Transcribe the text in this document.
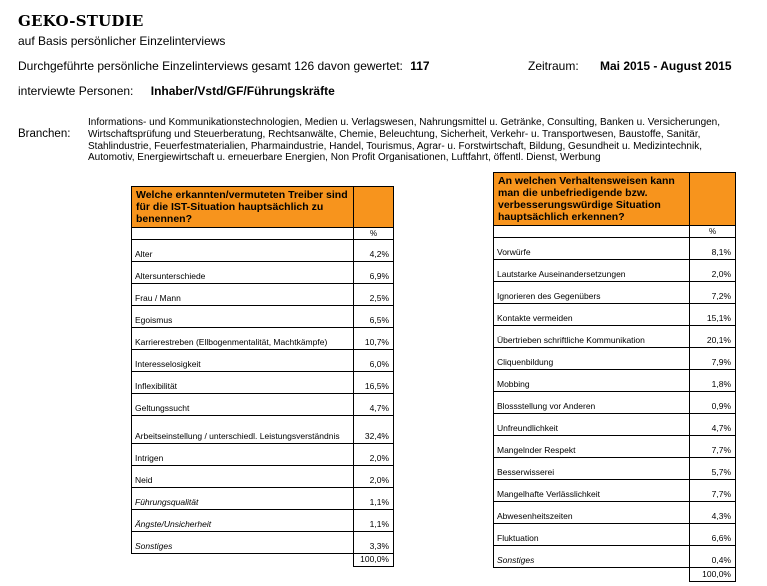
GEKO-STUDIE
auf Basis persönlicher Einzelinterviews
Durchgeführte persönliche Einzelinterviews gesamt 126 davon gewertet: 117	Zeitraum: Mai 2015 - August 2015
interviewte Personen: Inhaber/Vstd/GF/Führungskräfte
Branchen:
Informations- und Kommunikationstechnologien, Medien u. Verlagswesen, Nahrungsmittel u. Getränke, Consulting, Banken u. Versicherungen, Wirtschaftsprüfung und Steuerberatung, Rechtsanwälte, Chemie, Beleuchtung, Sicherheit, Verkehr- u. Transportwesen, Baustoffe, Sanitär, Stahlindustrie, Feuerfestmaterialien, Pharmaindustrie, Handel, Tourismus, Agrar- u. Forstwirtschaft, Bildung, Gesundheit u. Medizintechnik, Automotiv, Energiewirtschaft u. erneuerbare Energien, Non Profit Organisationen, Luftfahrt, öffentl. Dienst, Werbung
Welche erkannten/vermuteten Treiber sind für die IST-Situation hauptsächlich zu benennen?	
	%
Alter	4,2%
Altersunterschiede	6,9%
Frau / Mann	2,5%
Egoismus	6,5%
Karrierestreben (Ellbogenmentalität, Machtkämpfe)	10,7%
Interesselosigkeit	6,0%
Inflexibilität	16,5%
Geltungssucht	4,7%
Arbeitseinstellung / unterschiedl. Leistungsverständnis	32,4%
Intrigen	2,0%
Neid	2,0%
Führungsqualität	1,1%
Ängste/Unsicherheit	1,1%
Sonstiges	3,3%
	100,0%
An welchen Verhaltensweisen kann man die unbefriedigende bzw. verbesserungswürdige Situation hauptsächlich erkennen?	
	%
Vorwürfe	8,1%
Lautstarke Auseinandersetzungen	2,0%
Ignorieren des Gegenübers	7,2%
Kontakte vermeiden	15,1%
Übertrieben schriftliche Kommunikation	20,1%
Cliquenbildung	7,9%
Mobbing	1,8%
Blossstellung vor Anderen	0,9%
Unfreundlichkeit	4,7%
Mangelnder Respekt	7,7%
Besserwisserei	5,7%
Mangelhafte Verlässlichkeit	7,7%
Abwesenheitszeiten	4,3%
Fluktuation	6,6%
Sonstiges	0,4%
	100,0%
